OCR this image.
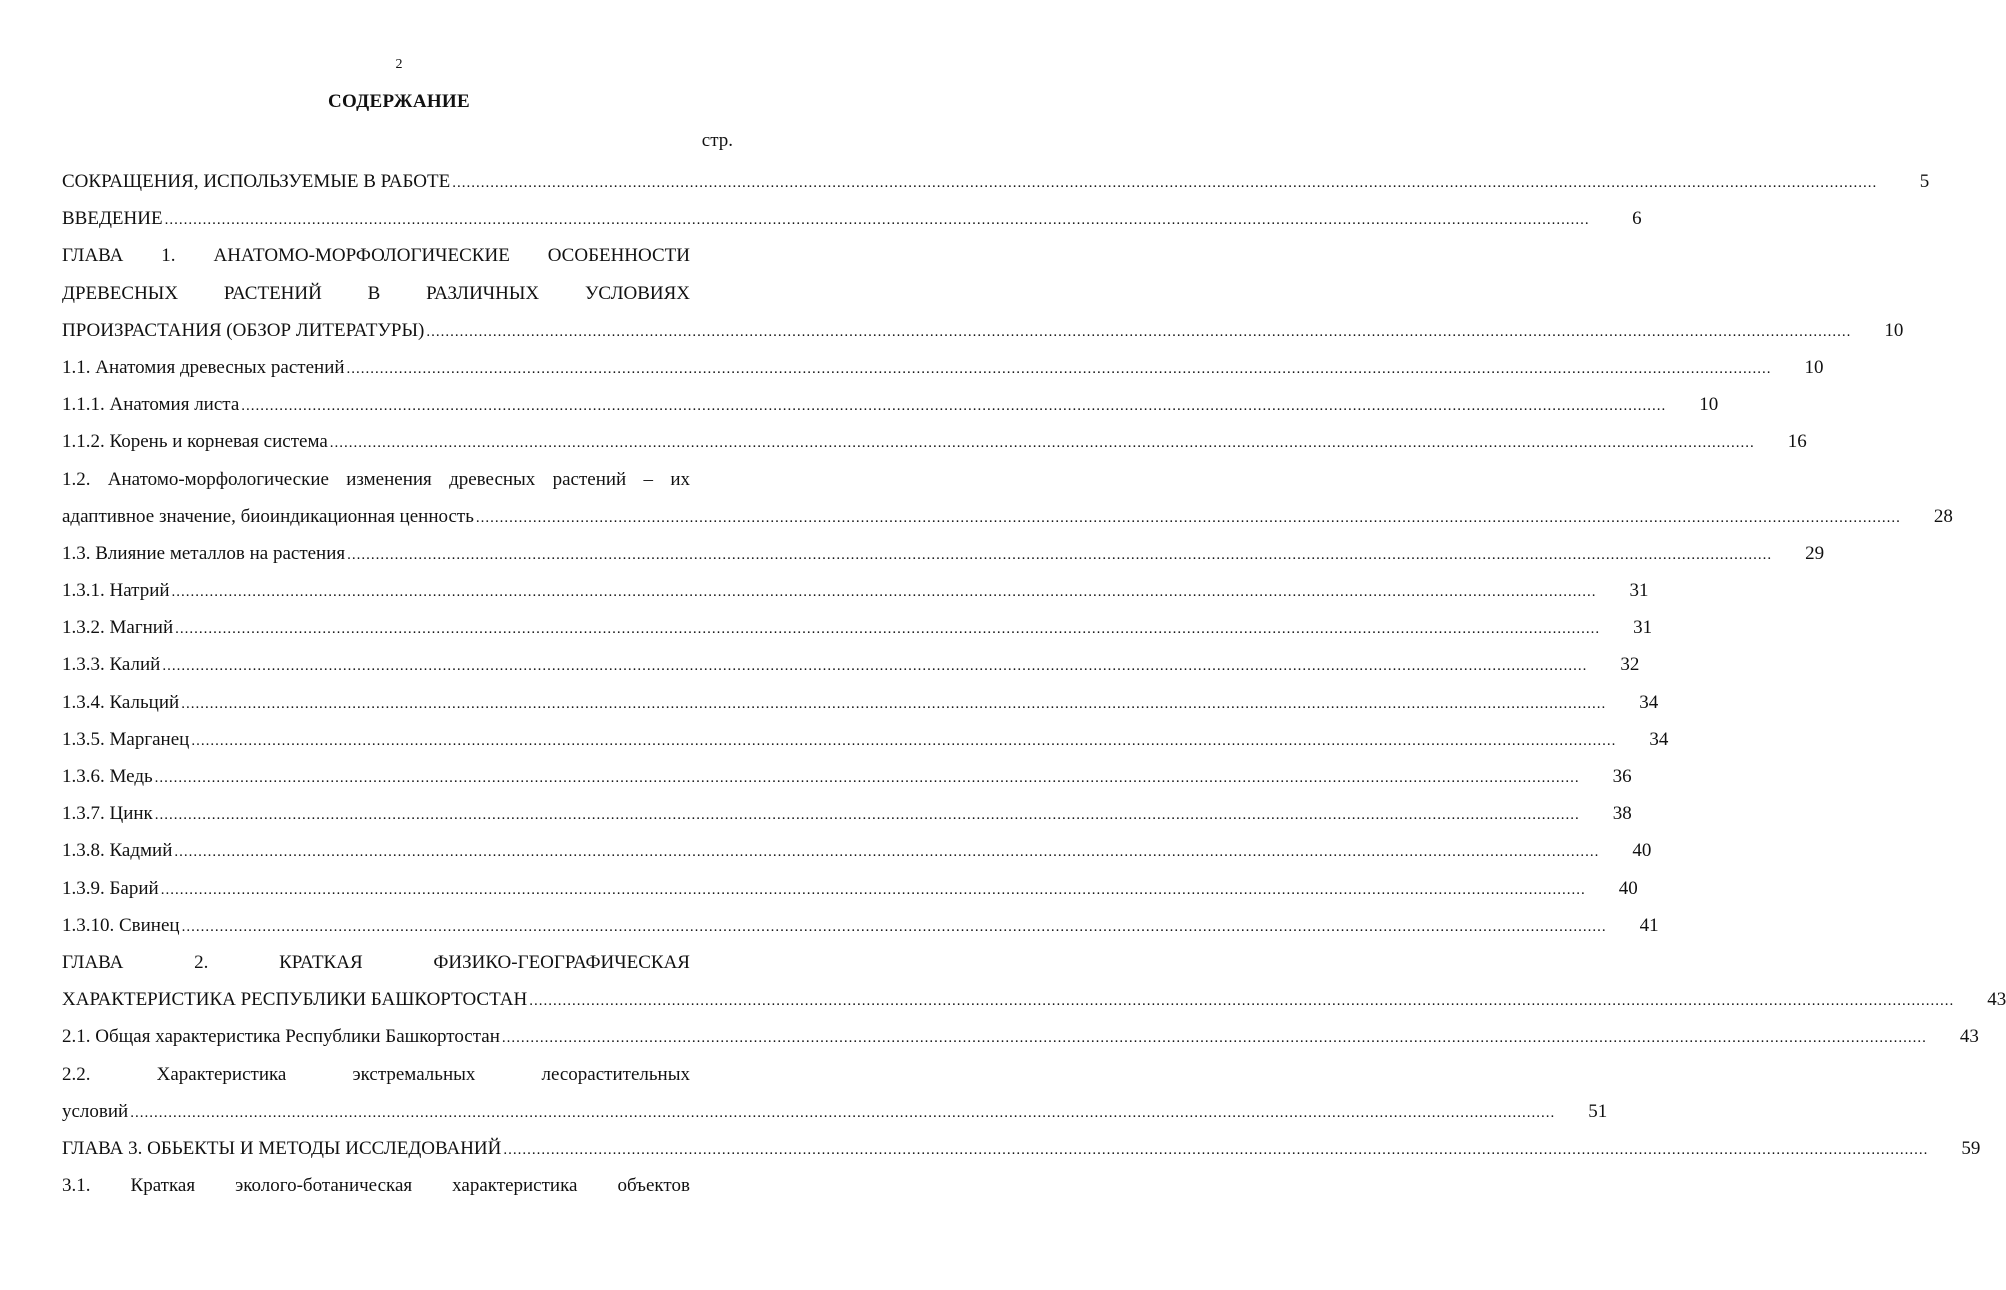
2
СОДЕРЖАНИЕ
стр.
СОКРАЩЕНИЯ, ИСПОЛЬЗУЕМЫЕ В РАБОТЕ ............................................................................................................................................................................................................................................................................................................	5
ВВЕДЕНИЕ ............................................................................................................................................................................................................................................................................................................	6
ГЛАВА 1. АНАТОМО-МОРФОЛОГИЧЕСКИЕ ОСОБЕННОСТИ
ДРЕВЕСНЫХ РАСТЕНИЙ В РАЗЛИЧНЫХ УСЛОВИЯХ
ПРОИЗРАСТАНИЯ (ОБЗОР ЛИТЕРАТУРЫ) ............................................................................................................................................................................................................................................................................................................	10
1.1. Анатомия древесных растений ............................................................................................................................................................................................................................................................................................................	10
1.1.1. Анатомия листа ............................................................................................................................................................................................................................................................................................................	10
1.1.2. Корень и корневая система ............................................................................................................................................................................................................................................................................................................	16
1.2. Анатомо-морфологические изменения древесных растений – их
адаптивное значение, биоиндикационная ценность ............................................................................................................................................................................................................................................................................................................	28
1.3. Влияние металлов на растения ............................................................................................................................................................................................................................................................................................................	29
1.3.1. Натрий ............................................................................................................................................................................................................................................................................................................	31
1.3.2. Магний ............................................................................................................................................................................................................................................................................................................	31
1.3.3. Калий ............................................................................................................................................................................................................................................................................................................	32
1.3.4. Кальций ............................................................................................................................................................................................................................................................................................................	34
1.3.5. Марганец ............................................................................................................................................................................................................................................................................................................	34
1.3.6. Медь ............................................................................................................................................................................................................................................................................................................	36
1.3.7. Цинк ............................................................................................................................................................................................................................................................................................................	38
1.3.8. Кадмий ............................................................................................................................................................................................................................................................................................................	40
1.3.9. Барий ............................................................................................................................................................................................................................................................................................................	40
1.3.10. Свинец ............................................................................................................................................................................................................................................................................................................	41
ГЛАВА	2.	КРАТКАЯ	ФИЗИКО-ГЕОГРАФИЧЕСКАЯ
ХАРАКТЕРИСТИКА РЕСПУБЛИКИ БАШКОРТОСТАН ............................................................................................................................................................................................................................................................................................................	43
2.1. Общая характеристика Республики Башкортостан ............................................................................................................................................................................................................................................................................................................	43
2.2.	Характеристика	экстремальных	лесорастительных
условий ............................................................................................................................................................................................................................................................................................................	51
ГЛАВА 3. ОБЬЕКТЫ И МЕТОДЫ ИССЛЕДОВАНИЙ ............................................................................................................................................................................................................................................................................................................	59
3.1. Краткая эколого-ботаническая характеристика объектов
